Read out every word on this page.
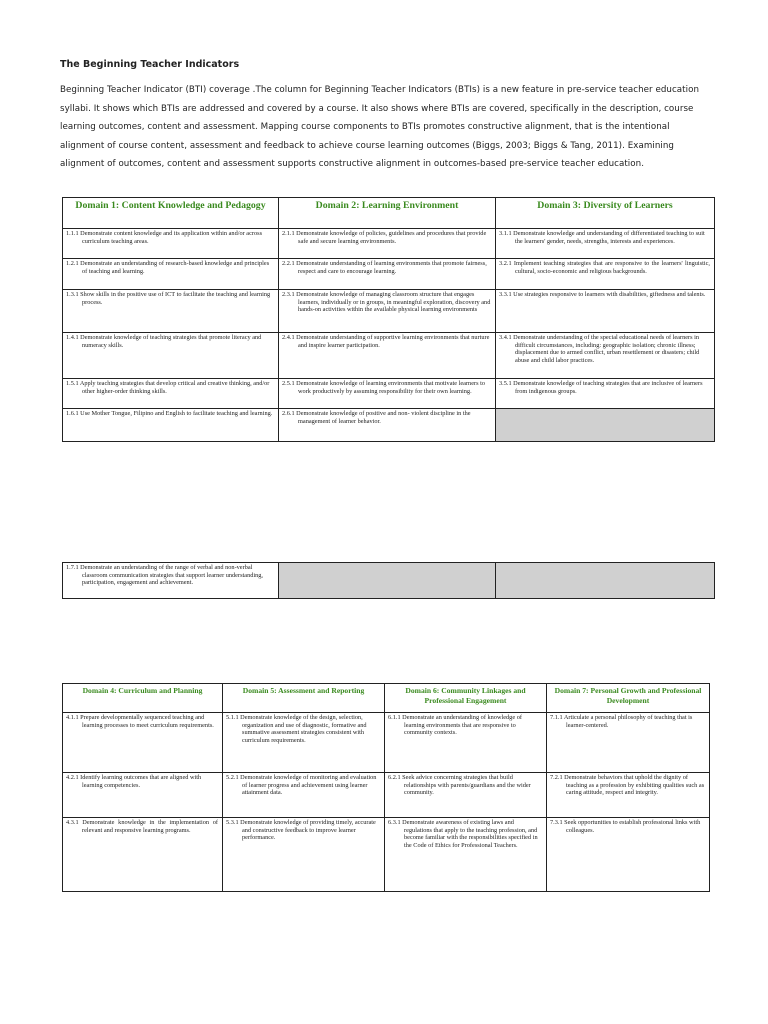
The Beginning Teacher Indicators
Beginning Teacher Indicator (BTI) coverage .The column for Beginning Teacher Indicators (BTIs) is a new feature in pre-service teacher education syllabi. It shows which BTIs are addressed and covered by a course. It also shows where BTIs are covered, specifically in the description, course learning outcomes, content and assessment. Mapping course components to BTIs promotes constructive alignment, that is the intentional alignment of course content, assessment and feedback to achieve course learning outcomes (Biggs, 2003; Biggs & Tang, 2011). Examining alignment of outcomes, content and assessment supports constructive alignment in outcomes-based pre-service teacher education.
Domain 1: Content Knowledge and Pedagogy	Domain 2: Learning Environment	Domain 3: Diversity of Learners

1.1.1 Demonstrate content knowledge and its application within and/or across curriculum teaching areas.	2.1.1 Demonstrate knowledge of policies, guidelines and procedures that provide safe and secure learning environments.	3.1.1 Demonstrate knowledge and understanding of differentiated teaching to suit the learners' gender, needs, strengths, interests and experiences.

1.2.1 Demonstrate an understanding of research-based knowledge and principles of teaching and learning.	2.2.1 Demonstrate understanding of learning environments that promote fairness, respect and care to encourage learning.	3.2.1 Implement teaching strategies that are responsive to the learners' linguistic, cultural, socio-economic and religious backgrounds.

1.3.1 Show skills in the positive use of ICT to facilitate the teaching and learning process.	2.3.1 Demonstrate knowledge of managing classroom structure that engages learners, individually or in groups, in meaningful exploration, discovery and hands-on activities within the available physical learning environments	3.3.1 Use strategies responsive to learners with disabilities, giftedness and talents.

1.4.1 Demonstrate knowledge of teaching strategies that promote literacy and numeracy skills.	2.4.1 Demonstrate understanding of supportive learning environments that nurture and inspire learner participation.	3.4.1 Demonstrate understanding of the special educational needs of learners in difficult circumstances, including: geographic isolation; chronic illness; displacement due to armed conflict, urban resettlement or disasters; child abuse and child labor practices.

1.5.1 Apply teaching strategies that develop critical and creative thinking, and/or other higher-order thinking skills.	2.5.1 Demonstrate knowledge of learning environments that motivate learners to work productively by assuming responsibility for their own learning.	3.5.1 Demonstrate knowledge of teaching strategies that are inclusive of learners from indigenous groups.

1.6.1 Use Mother Tongue, Filipino and English to facilitate teaching and learning.	2.6.1 Demonstrate knowledge of positive and non- violent discipline in the management of learner behavior.	

1.7.1 Demonstrate an understanding of the range of verbal and non-verbal classroom communication strategies that support learner understanding, participation, engagement and achievement.

Domain 4: Curriculum and Planning	Domain 5: Assessment and Reporting	Domain 6: Community Linkages and Professional Engagement	Domain 7: Personal Growth and Professional Development

4.1.1 Prepare developmentally sequenced teaching and learning processes to meet curriculum requirements.	5.1.1 Demonstrate knowledge of the design, selection, organization and use of diagnostic, formative and summative assessment strategies consistent with curriculum requirements.	6.1.1 Demonstrate an understanding of knowledge of learning environments that are responsive to community contexts.	7.1.1 Articulate a personal philosophy of teaching that is learner-centered.

4.2.1 Identify learning outcomes that are aligned with learning competencies.	5.2.1 Demonstrate knowledge of monitoring and evaluation of learner progress and achievement using learner attainment data.	6.2.1 Seek advice concerning strategies that build relationships with parents/guardians and the wider community.	7.2.1 Demonstrate behaviors that uphold the dignity of teaching as a profession by exhibiting qualities such as caring attitude, respect and integrity.

4.3.1 Demonstrate knowledge in the implementation of relevant and responsive learning programs.	5.3.1 Demonstrate knowledge of providing timely, accurate and constructive feedback to improve learner performance.	6.3.1 Demonstrate awareness of existing laws and regulations that apply to the teaching profession, and become familiar with the responsibilities specified in the Code of Ethics for Professional Teachers.	7.3.1 Seek opportunities to establish professional links with colleagues.
